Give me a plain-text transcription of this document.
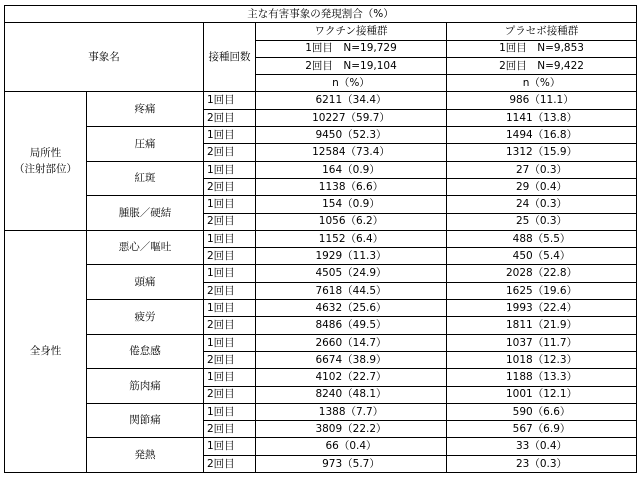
主な有害事象の発現割合（%）				
事象名		接種回数	ワクチン接種群	プラセボ接種群
			1回目　N=19,729	1回目　N=9,853
			2回目　N=19,104	2回目　N=9,422
			n（%）	n（%）

局所性
（注射部位）	疼痛	1回目	6211（34.4）	986（11.1）
		2回目	10227（59.7）	1141（13.8）
	圧痛	1回目	9450（52.3）	1494（16.8）
		2回目	12584（73.4）	1312（15.9）
	紅斑	1回目	164（0.9）	27（0.3）
		2回目	1138（6.6）	29（0.4）
	腫脹／硬結	1回目	154（0.9）	24（0.3）
		2回目	1056（6.2）	25（0.3）

全身性	悪心／嘔吐	1回目	1152（6.4）	488（5.5）
		2回目	1929（11.3）	450（5.4）
	頭痛	1回目	4505（24.9）	2028（22.8）
		2回目	7618（44.5）	1625（19.6）
	疲労	1回目	4632（25.6）	1993（22.4）
		2回目	8486（49.5）	1811（21.9）
	倦怠感	1回目	2660（14.7）	1037（11.7）
		2回目	6674（38.9）	1018（12.3）
	筋肉痛	1回目	4102（22.7）	1188（13.3）
		2回目	8240（48.1）	1001（12.1）
	関節痛	1回目	1388（7.7）	590（6.6）
		2回目	3809（22.2）	567（6.9）
	発熱	1回目	66（0.4）	33（0.4）
		2回目	973（5.7）	23（0.3）
